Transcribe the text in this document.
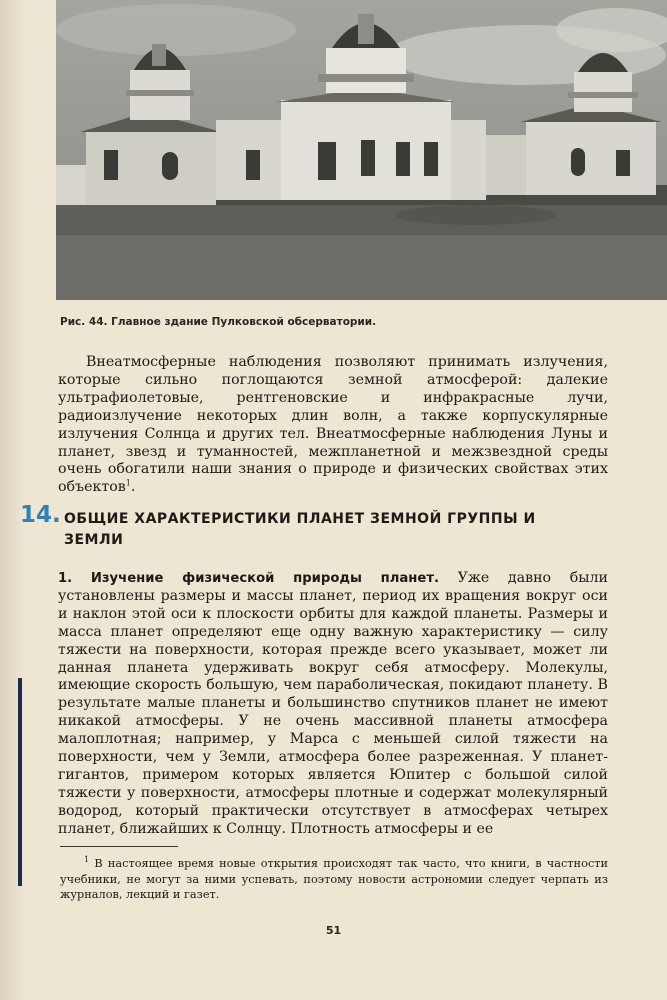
Рис. 44. Главное здание Пулковской обсерватории.

Внеатмосферные наблюдения позволяют принимать излучения, которые сильно поглощаются земной атмосферой: далекие ультрафиолетовые, рентгеновские и инфракрасные лучи, радиоизлучение некоторых длин волн, а также корпускулярные излучения Солнца и других тел. Внеатмосферные наблюдения Луны и планет, звезд и туманностей, межпланетной и межзвездной среды очень обогатили наши знания о природе и физических свойствах этих объектов$^1$.

14. ОБЩИЕ ХАРАКТЕРИСТИКИ ПЛАНЕТ ЗЕМНОЙ ГРУППЫ И ЗЕМЛИ

1. Изучение физической природы планет. Уже давно были установлены размеры и массы планет, период их вращения вокруг оси и наклон этой оси к плоскости орбиты для каждой планеты. Размеры и масса планет определяют еще одну важную характеристику — силу тяжести на поверхности, которая прежде всего указывает, может ли данная планета удерживать вокруг себя атмосферу. Молекулы, имеющие скорость большую, чем параболическая, покидают планету. В результате малые планеты и большинство спутников планет не имеют никакой атмосферы. У не очень массивной планеты атмосфера малоплотная; например, у Марса с меньшей силой тяжести на поверхности, чем у Земли, атмосфера более разреженная. У планет-гигантов, примером которых является Юпитер с большой силой тяжести у поверхности, атмосферы плотные и содержат молекулярный водород, который практически отсутствует в атмосферах четырех планет, ближайших к Солнцу. Плотность атмосферы и ее

$^1$ В настоящее время новые открытия происходят так часто, что книги, в частности учебники, не могут за ними успевать, поэтому новости астрономии следует черпать из журналов, лекций и газет.

51
